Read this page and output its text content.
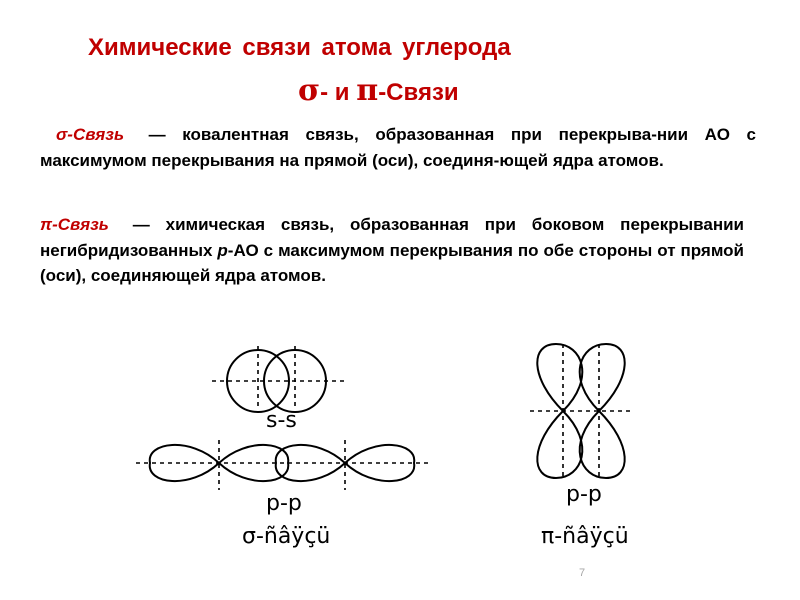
Химические связи атома углерода
σ- и π-Связи
σ-Связь — ковалентная связь, образованная при перекрыва-нии АО с максимумом перекрывания на прямой (оси), соединя-ющей ядра атомов.
π-Связь — химическая связь, образованная при боковом перекрывании негибридизованных р-АО с максимумом перекрывания по обе стороны от прямой (оси), соединяющей ядра атомов.
s-s
p-p
σ-ñâÿçü
p-p
π-ñâÿçü
7
